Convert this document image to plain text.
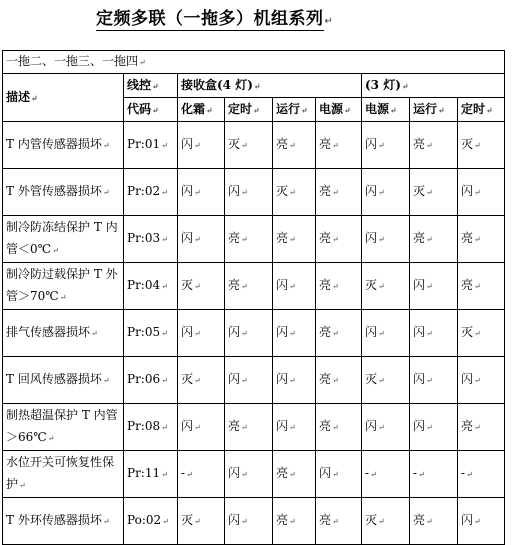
定频多联（一拖多）机组系列↵
一拖二、一拖三、一拖四↵								
描述↵	线控↵	接收盒(4 灯)↵				(3 灯)↵		
	代码↵	化霜↵	定时↵	运行↵	电源↵	电源↵	运行↵	定时↵
T 内管传感器损坏↵	Pr:01↵	闪↵	灭↵	亮↵	亮↵	闪↵	亮↵	灭↵
T 外管传感器损坏↵	Pr:02↵	闪↵	闪↵	灭↵	亮↵	闪↵	灭↵	闪↵
制冷防冻结保护 T 内管＜0℃↵	Pr:03↵	闪↵	亮↵	亮↵	亮↵	闪↵	亮↵	亮↵
制冷防过载保护 T 外管＞70℃↵	Pr:04↵	灭↵	亮↵	闪↵	亮↵	灭↵	闪↵	亮↵
排气传感器损坏↵	Pr:05↵	闪↵	闪↵	闪↵	亮↵	闪↵	闪↵	灭↵
T 回风传感器损坏↵	Pr:06↵	灭↵	闪↵	闪↵	亮↵	灭↵	闪↵	闪↵
制热超温保护 T 内管＞66℃↵	Pr:08↵	闪↵	亮↵	闪↵	亮↵	闪↵	闪↵	亮↵
水位开关可恢复性保护↵	Pr:11↵	-↵	闪↵	亮↵	闪↵	-↵	-↵	-↵
T 外环传感器损坏↵	Po:02↵	灭↵	闪↵	亮↵	亮↵	灭↵	亮↵	闪↵
